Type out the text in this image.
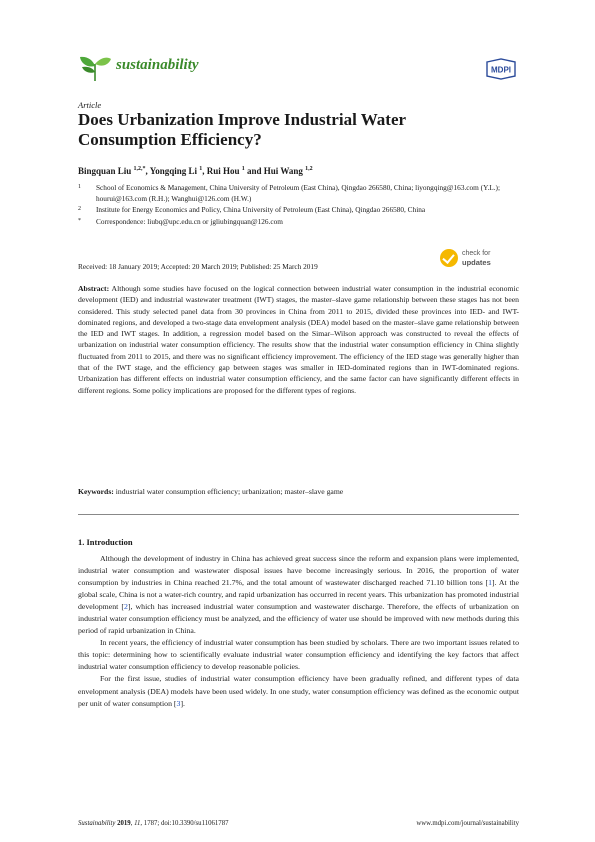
sustainability	MDPI
Article
Does Urbanization Improve Industrial Water Consumption Efficiency?
Bingquan Liu $^{1,2,*}$, Yongqing Li $^1$, Rui Hou $^1$ and Hui Wang $^{1,2}$
1 School of Economics & Management, China University of Petroleum (East China), Qingdao 266580, China; liyongqing@163.com (Y.L.); hourui@163.com (R.H.); Wanghui@126.com (H.W.)
2 Institute for Energy Economics and Policy, China University of Petroleum (East China), Qingdao 266580, China
* Correspondence: liubq@upc.edu.cn or jgliubingquan@126.com
Received: 18 January 2019; Accepted: 20 March 2019; Published: 25 March 2019
check for
updates
Abstract: Although some studies have focused on the logical connection between industrial water consumption in the industrial economic development (IED) and industrial wastewater treatment (IWT) stages, the master–slave game relationship between these stages has not been considered. This study selected panel data from 30 provinces in China from 2011 to 2015, divided these provinces into IED- and IWT-dominated regions, and developed a two-stage data envelopment analysis (DEA) model based on the master–slave game relationship between the IED and IWT stages. In addition, a regression model based on the Simar–Wilson approach was constructed to reveal the effects of urbanization on industrial water consumption efficiency. The results show that the industrial water consumption efficiency in China slightly fluctuated from 2011 to 2015, and there was no significant efficiency improvement. The efficiency of the IED stage was generally higher than that of the IWT stage, and the efficiency gap between stages was smaller in IED-dominated regions than in IWT-dominated regions. Urbanization has different effects on industrial water consumption efficiency, and the same factor can have significantly different effects in different regions. Some policy implications are proposed for the different types of regions.
Keywords: industrial water consumption efficiency; urbanization; master–slave game
1. Introduction

Although the development of industry in China has achieved great success since the reform and expansion plans were implemented, industrial water consumption and wastewater disposal issues have become increasingly serious. In 2016, the proportion of water consumption by industries in China reached 21.7%, and the total amount of wastewater discharged reached 71.10 billion tons [1]. At the global scale, China is not a water-rich country, and rapid urbanization has occurred in recent years. This urbanization has promoted industrial development [2], which has increased industrial water consumption and wastewater discharge. Therefore, the effects of urbanization on industrial water consumption efficiency must be analyzed, and the efficiency of water use should be improved with new methods during this period of rapid urbanization in China.

In recent years, the efficiency of industrial water consumption has been studied by scholars. There are two important issues related to this topic: determining how to scientifically evaluate industrial water consumption efficiency and identifying the key factors that affect industrial water consumption efficiency to develop reasonable policies.

For the first issue, studies of industrial water consumption efficiency have been gradually refined, and different types of data envelopment analysis (DEA) models have been used widely. In one study, water consumption efficiency was defined as the economic output per unit of water consumption [3].

Sustainability 2019, 11, 1787; doi:10.3390/su11061787	www.mdpi.com/journal/sustainability
